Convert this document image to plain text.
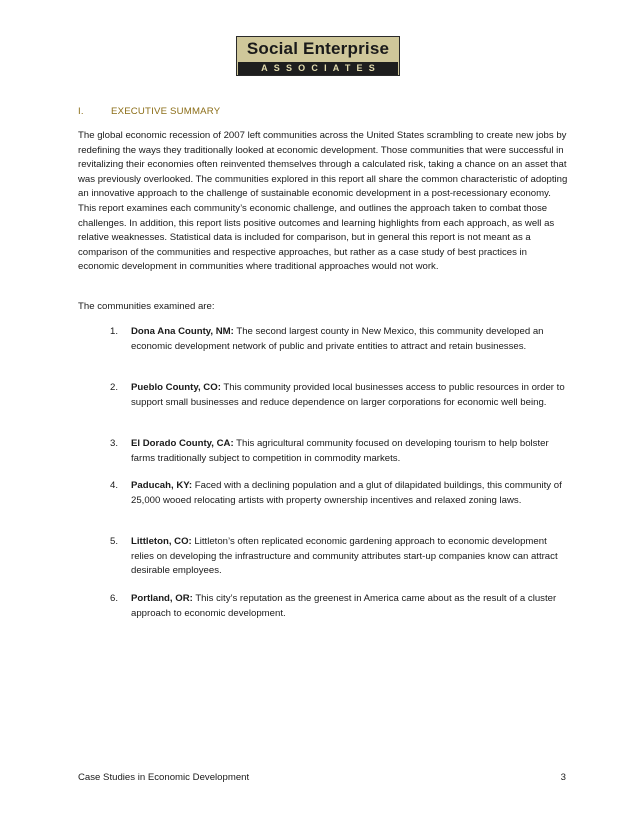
Social Enterprise
ASSOCIATES
I.	EXECUTIVE SUMMARY
The global economic recession of 2007 left communities across the United States scrambling to create new jobs by redefining the ways they traditionally looked at economic development. Those communities that were successful in revitalizing their economies often reinvented themselves through a calculated risk, taking a chance on an asset that was previously overlooked. The communities explored in this report all share the common characteristic of adopting an innovative approach to the challenge of sustainable economic development in a post-recessionary economy. This report examines each community’s economic challenge, and outlines the approach taken to combat those challenges. In addition, this report lists positive outcomes and learning highlights from each approach, as well as relative weaknesses. Statistical data is included for comparison, but in general this report is not meant as a comparison of the communities and respective approaches, but rather as a case study of best practices in economic development in communities where traditional approaches would not work.
The communities examined are:
1. Dona Ana County, NM: The second largest county in New Mexico, this community developed an economic development network of public and private entities to attract and retain businesses.
2. Pueblo County, CO: This community provided local businesses access to public resources in order to support small businesses and reduce dependence on larger corporations for economic well being.
3. El Dorado County, CA: This agricultural community focused on developing tourism to help bolster farms traditionally subject to competition in commodity markets.
4. Paducah, KY: Faced with a declining population and a glut of dilapidated buildings, this community of 25,000 wooed relocating artists with property ownership incentives and relaxed zoning laws.
5. Littleton, CO: Littleton’s often replicated economic gardening approach to economic development relies on developing the infrastructure and community attributes start-up companies know can attract desirable employees.
6. Portland, OR: This city’s reputation as the greenest in America came about as the result of a cluster approach to economic development.
Case Studies in Economic Development	3
